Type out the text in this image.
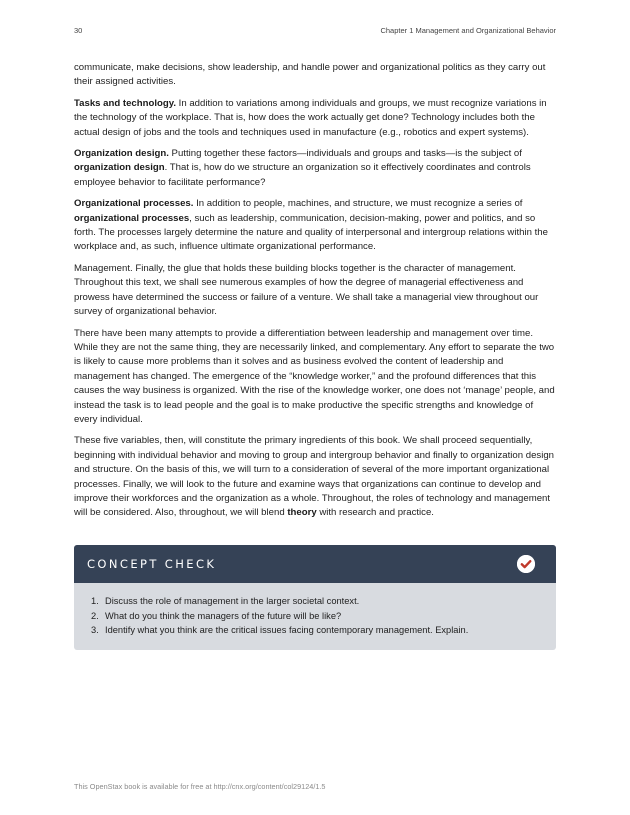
30	Chapter 1 Management and Organizational Behavior

communicate, make decisions, show leadership, and handle power and organizational politics as they carry out their assigned activities.

Tasks and technology. In addition to variations among individuals and groups, we must recognize variations in the technology of the workplace. That is, how does the work actually get done? Technology includes both the actual design of jobs and the tools and techniques used in manufacture (e.g., robotics and expert systems).

Organization design. Putting together these factors—individuals and groups and tasks—is the subject of organization design. That is, how do we structure an organization so it effectively coordinates and controls employee behavior to facilitate performance?

Organizational processes. In addition to people, machines, and structure, we must recognize a series of organizational processes, such as leadership, communication, decision-making, power and politics, and so forth. The processes largely determine the nature and quality of interpersonal and intergroup relations within the workplace and, as such, influence ultimate organizational performance.

Management. Finally, the glue that holds these building blocks together is the character of management. Throughout this text, we shall see numerous examples of how the degree of managerial effectiveness and prowess have determined the success or failure of a venture. We shall take a managerial view throughout our survey of organizational behavior.

There have been many attempts to provide a differentiation between leadership and management over time. While they are not the same thing, they are necessarily linked, and complementary. Any effort to separate the two is likely to cause more problems than it solves and as business evolved the content of leadership and management has changed. The emergence of the “knowledge worker,” and the profound differences that this causes the way business is organized. With the rise of the knowledge worker, one does not ‘manage’ people, and instead the task is to lead people and the goal is to make productive the specific strengths and knowledge of every individual.

These five variables, then, will constitute the primary ingredients of this book. We shall proceed sequentially, beginning with individual behavior and moving to group and intergroup behavior and finally to organization design and structure. On the basis of this, we will turn to a consideration of several of the more important organizational processes. Finally, we will look to the future and examine ways that organizations can continue to develop and improve their workforces and the organization as a whole. Throughout, the roles of technology and management will be considered. Also, throughout, we will blend theory with research and practice.

CONCEPT CHECK
1. Discuss the role of management in the larger societal context.
2. What do you think the managers of the future will be like?
3. Identify what you think are the critical issues facing contemporary management. Explain.
This OpenStax book is available for free at http://cnx.org/content/col29124/1.5
